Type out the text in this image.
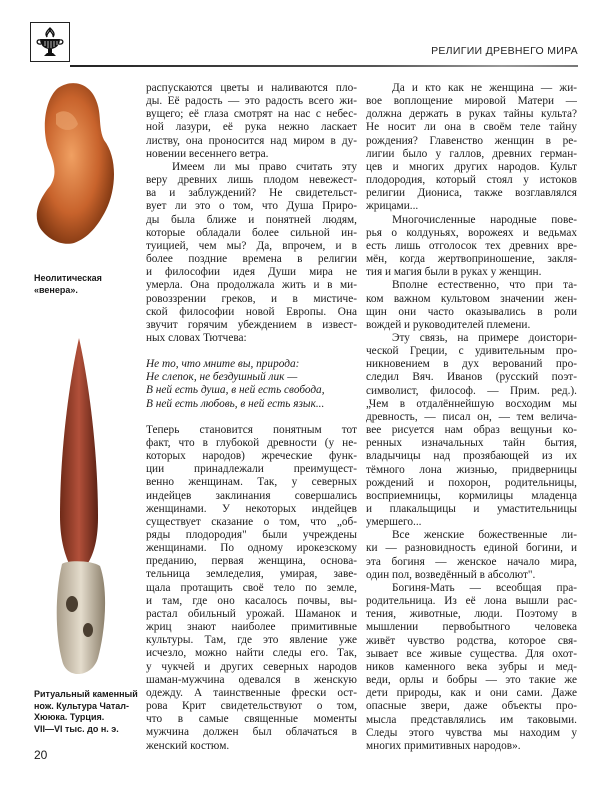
РЕЛИГИИ ДРЕВНЕГО МИРА
Неолитическая
«венера».
Ритуальный каменный
нож. Культура Чатал-
Хююка. Турция.
VII—VI тыс. до н. э.
распускаются цветы и наливаются пло-
ды. Её радость — это радость всего жи-
вущего; её глаза смотрят на нас с небес-
ной лазури, её рука нежно ласкает
листву, она проносится над миром в ду-
новении весеннего ветра.
Имеем ли мы право считать эту
веру древних лишь плодом невежест-
ва и заблуждений? Не свидетельст-
вует ли это о том, что Душа Приро-
ды была ближе и понятней людям,
которые обладали более сильной ин-
туицией, чем мы? Да, впрочем, и в
более поздние времена в религии
и философии идея Души мира не
умерла. Она продолжала жить и в ми-
ровоззрении греков, и в мистиче-
ской философии новой Европы. Она
звучит горячим убеждением в извест-
ных словах Тютчева:
Не то, что мните вы, природа:
Не слепок, не бездушный лик —
В ней есть душа, в ней есть свобода,
В ней есть любовь, в ней есть язык...
Теперь становится понятным тот
факт, что в глубокой древности (у не-
которых народов) жреческие функ-
ции принадлежали преимущест-
венно женщинам. Так, у северных
индейцев заклинания совершались
женщинами. У некоторых индейцев
существует сказание о том, что „об-
ряды плодородия" были учреждены
женщинами. По одному ирокезскому
преданию, первая женщина, основа-
тельница земледелия, умирая, заве-
щала протащить своё тело по земле,
и там, где оно касалось почвы, вы-
растал обильный урожай. Шаманок и
жриц знают наиболее примитивные
культуры. Там, где это явление уже
исчезло, можно найти следы его. Так,
у чукчей и других северных народов
шаман-мужчина одевался в женскую
одежду. А таинственные фрески ост-
рова Крит свидетельствуют о том,
что в самые священные моменты
мужчина должен был облачаться в
женский костюм.
Да и кто как не женщина — жи-
вое воплощение мировой Матери —
должна держать в руках тайны культа?
Не носит ли она в своём теле тайну
рождения? Главенство женщин в ре-
лигии было у галлов, древних герман-
цев и многих других народов. Культ
плодородия, который стоял у истоков
религии Диониса, также возглавлялся
жрицами...
Многочисленные народные пове-
рья о колдуньях, ворожеях и ведьмах
есть лишь отголосок тех древних вре-
мён, когда жертвоприношение, закля-
тия и магия были в руках у женщин.
Вполне естественно, что при та-
ком важном культовом значении жен-
щин они часто оказывались в роли
вождей и руководителей племени.
Эту связь, на примере доистори-
ческой Греции, с удивительным про-
никновением в дух верований про-
следил Вяч. Иванов (русский поэт-
символист, философ. — Прим. ред.).
„Чем в отдалённейшую восходим мы
древность, — писал он, — тем велича-
вее рисуется нам образ вещуньи ко-
ренных изначальных тайн бытия,
владычицы над прозябающей из их
тёмного лона жизнью, придверницы
рождений и похорон, родительницы,
восприемницы, кормилицы младенца
и плакальщицы и умастительницы
умершего...
Все женские божественные ли-
ки — разновидность единой богини, и
эта богиня — женское начало мира,
один пол, возведённый в абсолют".
Богиня-Мать — всеобщая пра-
родительница. Из её лона вышли рас-
тения, животные, люди. Поэтому в
мышлении первобытного человека
живёт чувство родства, которое свя-
зывает все живые существа. Для охот-
ников каменного века зубры и мед-
веди, орлы и бобры — это такие же
дети природы, как и они сами. Даже
опасные звери, даже объекты про-
мысла представлялись им таковыми.
Следы этого чувства мы находим у
многих примитивных народов».
20
